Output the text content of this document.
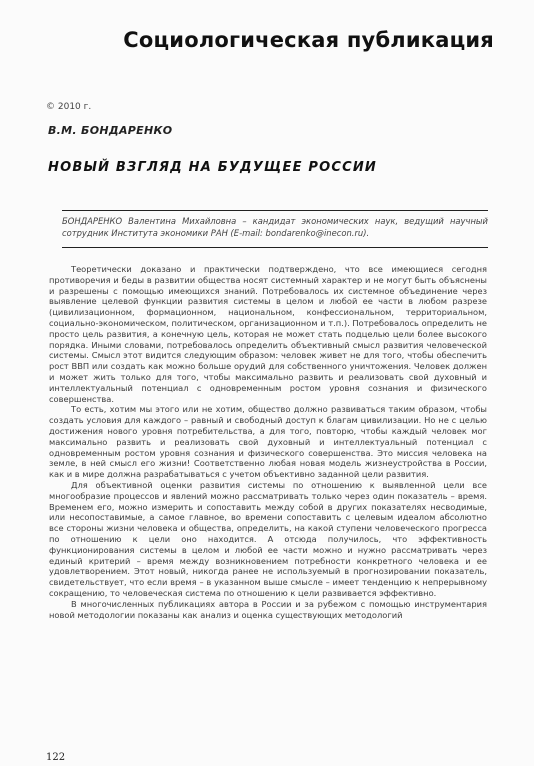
Социологическая публикация
© 2010 г.
В.М. БОНДАРЕНКО
НОВЫЙ ВЗГЛЯД НА БУДУЩЕЕ РОССИИ
БОНДАРЕНКО Валентина Михайловна – кандидат экономических наук, ведущий научный сотрудник Института экономики РАН (E-mail: bondarenko@inecon.ru).

Теоретически доказано и практически подтверждено, что все имеющиеся сегодня противоречия и беды в развитии общества носят системный характер и не могут быть объяснены и разрешены с помощью имеющихся знаний. Потребовалось их системное объединение через выявление целевой функции развития системы в целом и любой ее части в любом разрезе (цивилизационном, формационном, национальном, конфессиональном, территориальном, социально-экономическом, политическом, организационном и т.п.). Потребовалось определить не просто цель развития, а конечную цель, которая не может стать подцелью цели более высокого порядка. Иными словами, потребовалось определить объективный смысл развития человеческой системы. Смысл этот видится следующим образом: человек живет не для того, чтобы обеспечить рост ВВП или создать как можно больше орудий для собственного уничтожения. Человек должен и может жить только для того, чтобы максимально развить и реализовать свой духовный и интеллектуальный потенциал с одновременным ростом уровня сознания и физического совершенства.

То есть, хотим мы этого или не хотим, общество должно развиваться таким образом, чтобы создать условия для каждого – равный и свободный доступ к благам цивилизации. Но не с целью достижения нового уровня потребительства, а для того, повторю, чтобы каждый человек мог максимально развить и реализовать свой духовный и интеллектуальный потенциал с одновременным ростом уровня сознания и физического совершенства. Это миссия человека на земле, в ней смысл его жизни! Соответственно любая новая модель жизнеустройства в России, как и в мире должна разрабатываться с учетом объективно заданной цели развития.

Для объективной оценки развития системы по отношению к выявленной цели все многообразие процессов и явлений можно рассматривать только через один показатель – время. Временем его, можно измерить и сопоставить между собой в других показателях несводимые, или несопоставимые, а самое главное, во времени сопоставить с целевым идеалом абсолютно все стороны жизни человека и общества, определить, на какой ступени человеческого прогресса по отношению к цели оно находится. А отсюда получилось, что эффективность функционирования системы в целом и любой ее части можно и нужно рассматривать через единый критерий – время между возникновением потребности конкретного человека и ее удовлетворением. Этот новый, никогда ранее не используемый в прогнозировании показатель, свидетельствует, что если время – в указанном выше смысле – имеет тенденцию к непрерывному сокращению, то человеческая система по отношению к цели развивается эффективно.

В многочисленных публикациях автора в России и за рубежом с помощью инструментария новой методологии показаны как анализ и оценка существующих методологий

122
